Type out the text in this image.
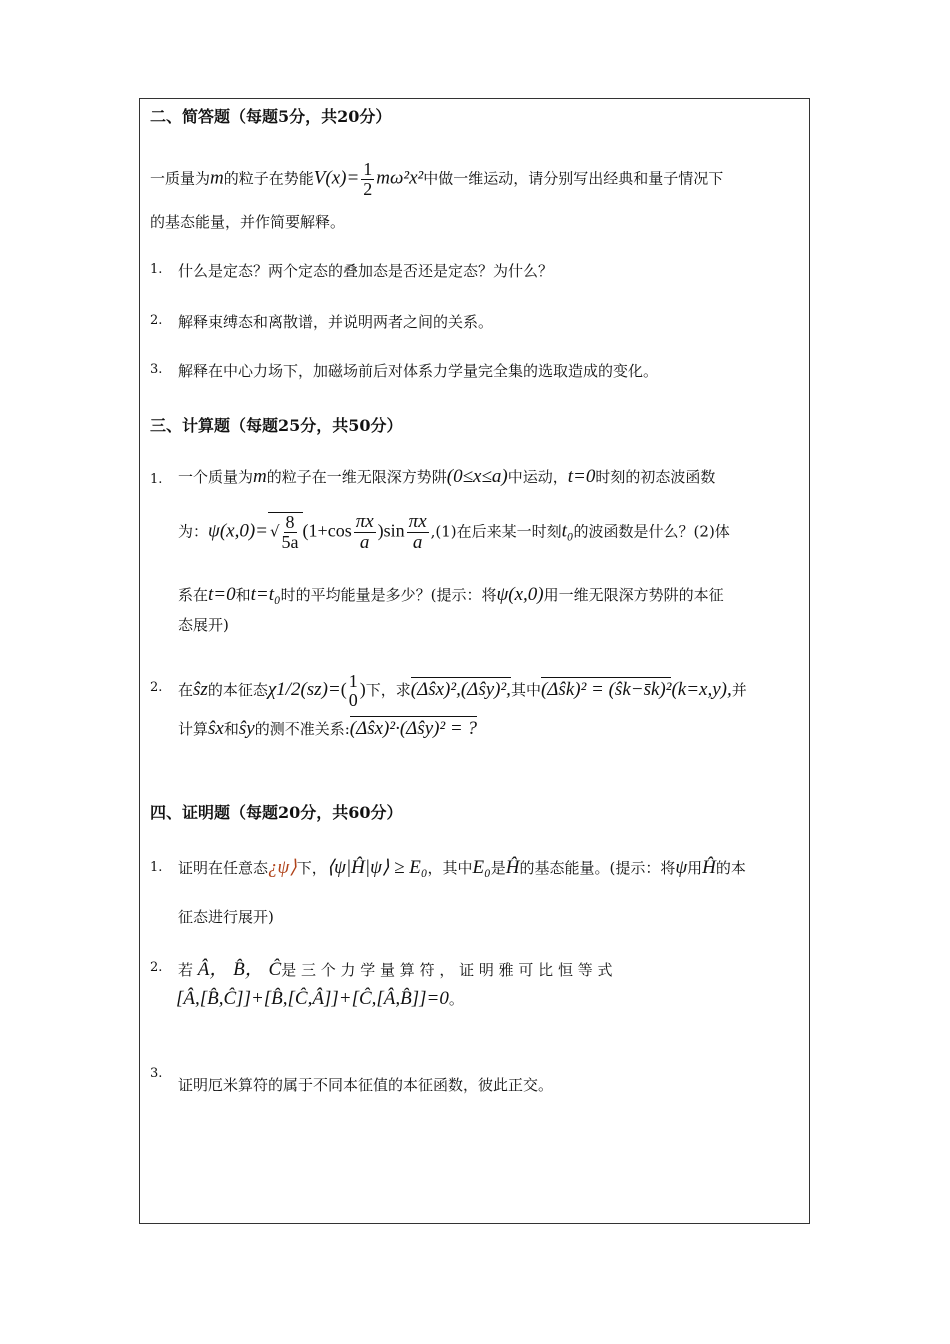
二、简答题（每题5分，共20分）
一质量为m的粒子在势能$V(x)= \frac{1}{2} m\omega^2x^2$中做一维运动，请分别写出经典和量子情况下
的基态能量，并作简要解释。
1. 什么是定态？两个定态的叠加态是否还是定态？为什么？
2. 解释束缚态和离散谱，并说明两者之间的关系。
3. 解释在中心力场下，加磁场前后对体系力学量完全集的选取造成的变化。
三、计算题（每题25分，共50分）
1. 一个质量为m的粒子在一维无限深方势阱(0≤x≤a)中运动，t=0时刻的初态波函数
为：ψ(x,0)= √ $\frac{8}{5a} (1+\cos \frac{\pi x}{a} )\sin \frac{\pi x}{a} ,(1)$在后来某一时刻t₀的波函数是什么？(2)体
系在t=0和t=t₀时的平均能量是多少？(提示：将ψ(x,0)用一维无限深方势阱的本征
态展开)
2. 在ŝz的本征态χ1/2(sz)=( 1
0
)下，求(Δŝx)²,(Δŝy)²,其中(Δŝk)² = (ŝk−s̄k)²(k=x,y),并
计算ŝx和ŝy的测不准关系:(Δŝx)²·(Δŝy)² = ?
四、证明题（每题20分，共60分）
1. 证明在任意态¿ψ⟩下，⟨ψ|Ĥ|ψ⟩ ≥ E₀，其中E₀是Ĥ的基态能量。(提示：将ψ用Ĥ的本
征态进行展开)
2. 若 Â， B̂， Ĉ是 三 个 力 学 量 算 符 ， 证 明 雅 可 比 恒 等 式
[Â,[B̂,Ĉ]]+[B̂,[Ĉ,Â]]+[Ĉ,[Â,B̂]]=0。
3.
证明厄米算符的属于不同本征值的本征函数，彼此正交。
